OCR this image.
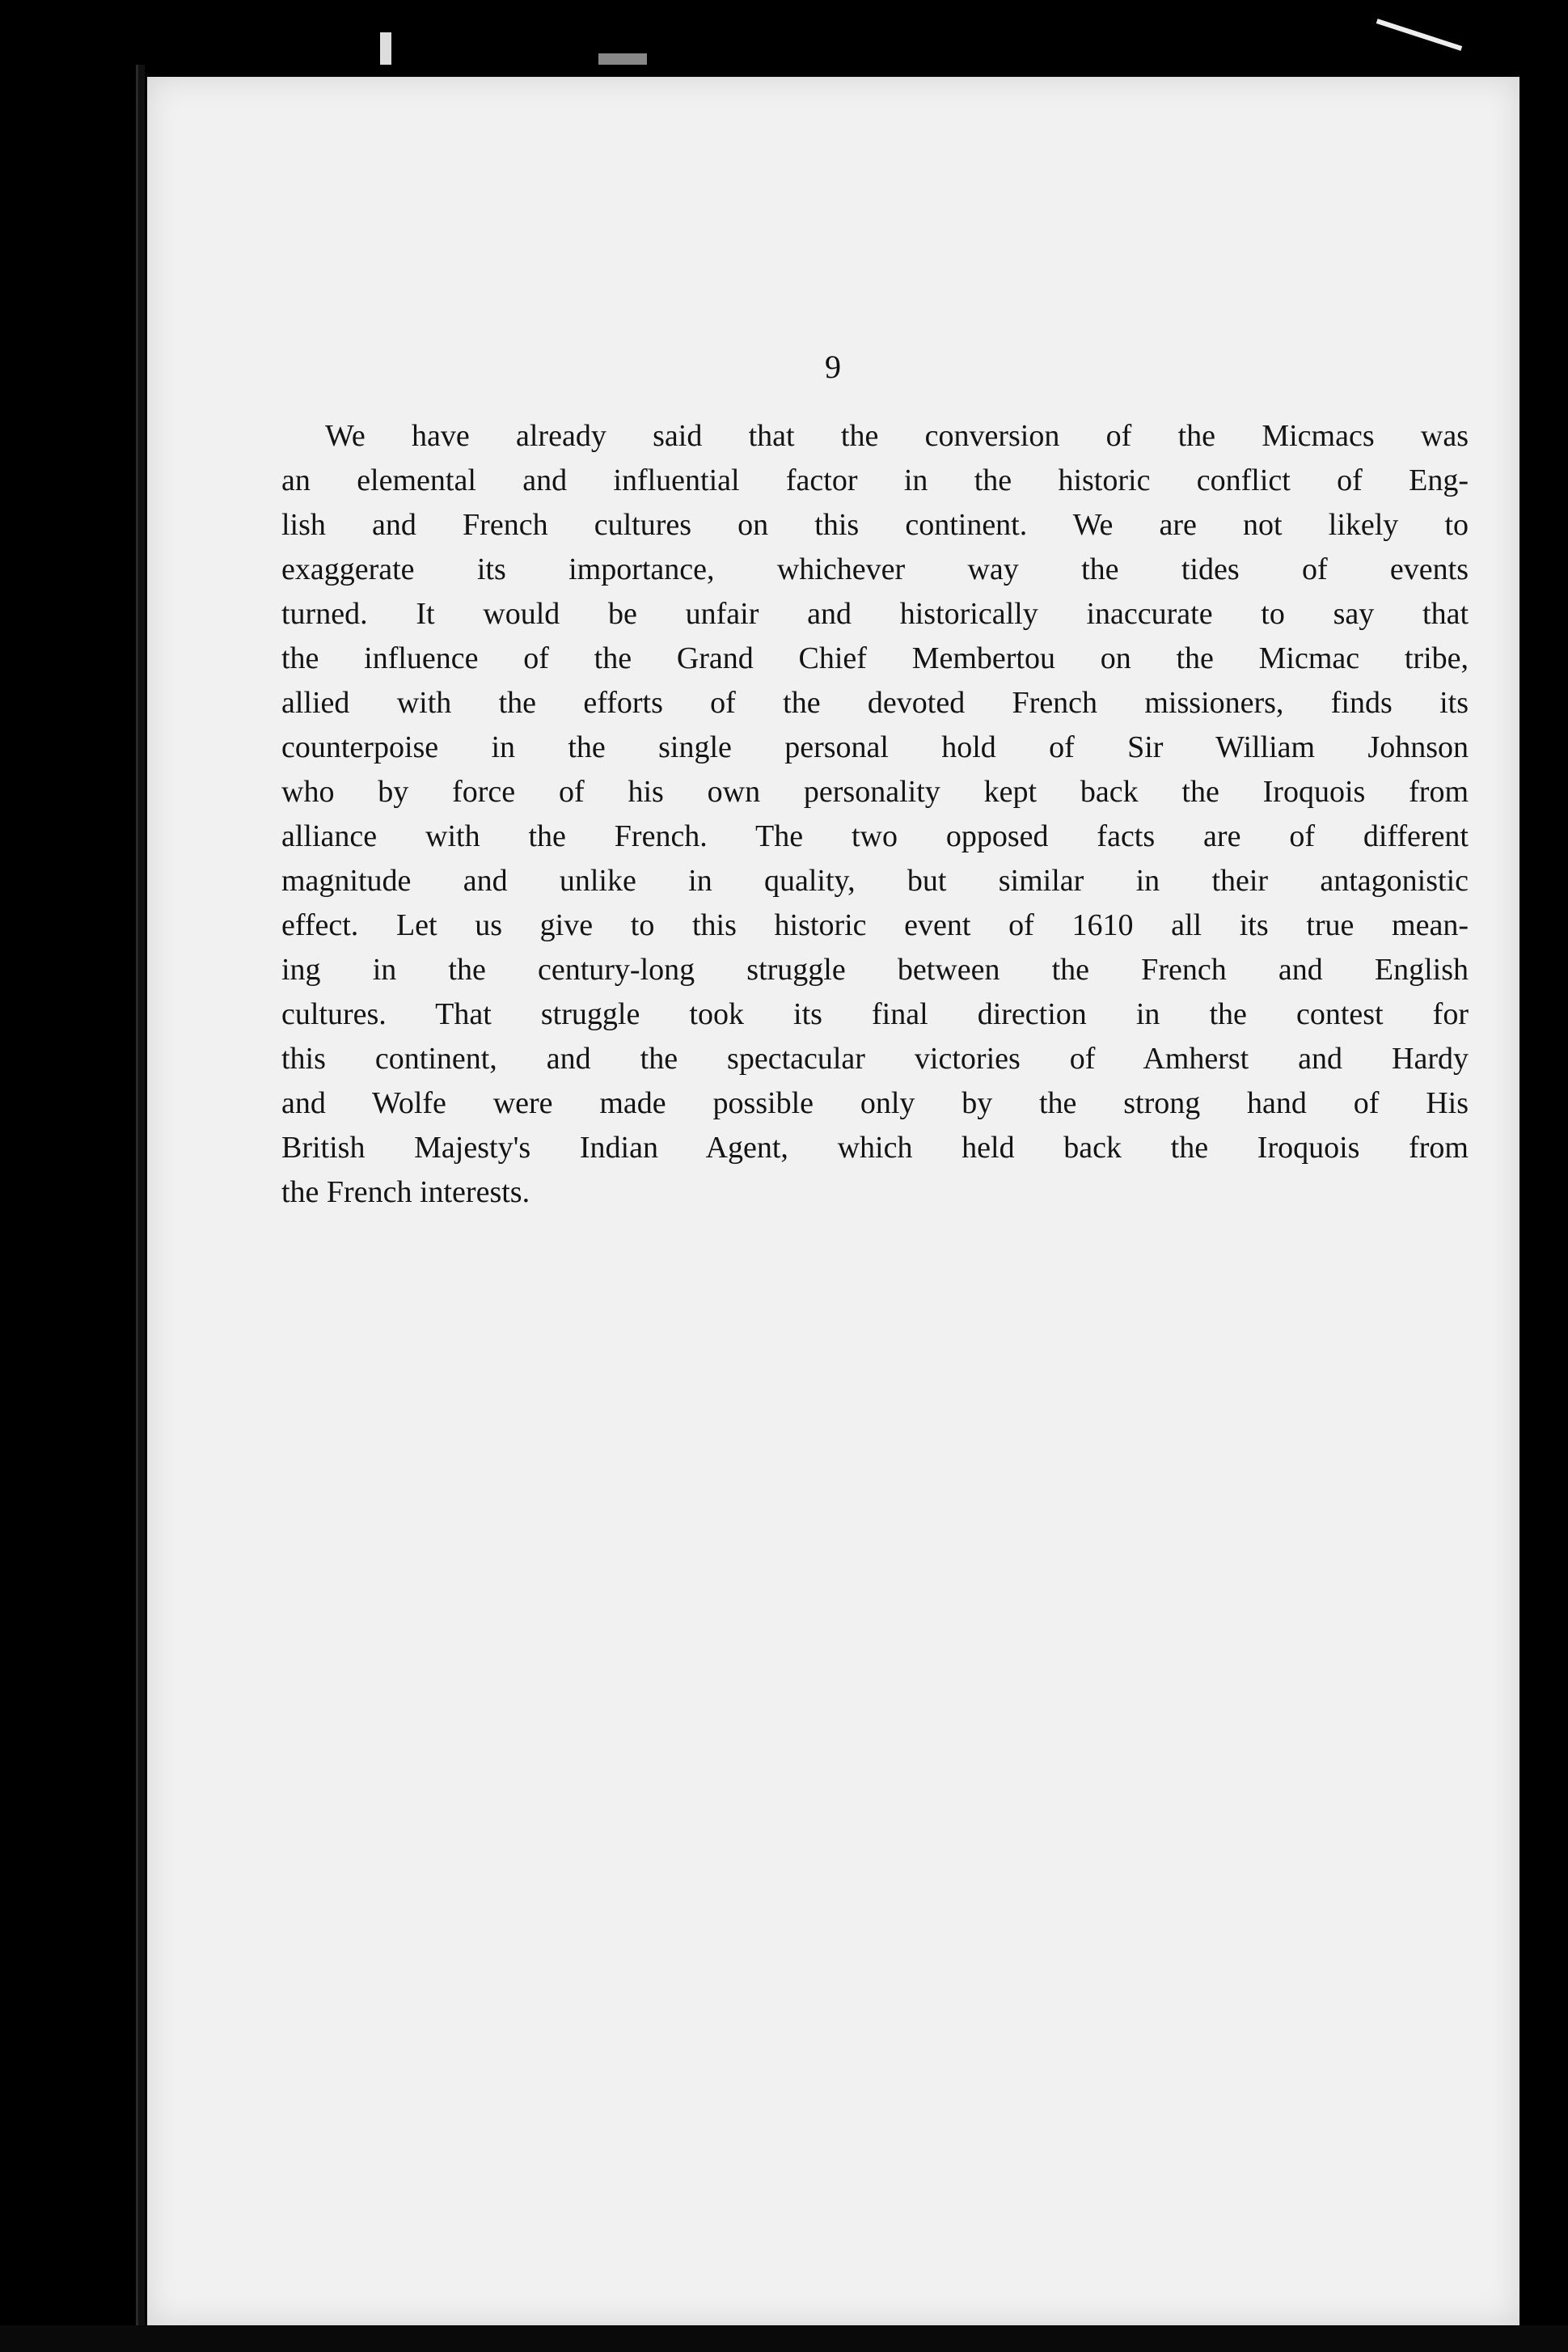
9
We have already said that the conversion of the Micmacs was
an elemental and influential factor in the historic conflict of Eng-
lish and French cultures on this continent. We are not likely to
exaggerate its importance, whichever way the tides of events
turned. It would be unfair and historically inaccurate to say that
the influence of the Grand Chief Membertou on the Micmac tribe,
allied with the efforts of the devoted French missioners, finds its
counterpoise in the single personal hold of Sir William Johnson
who by force of his own personality kept back the Iroquois from
alliance with the French. The two opposed facts are of different
magnitude and unlike in quality, but similar in their antagonistic
effect. Let us give to this historic event of 1610 all its true mean-
ing in the century-long struggle between the French and English
cultures. That struggle took its final direction in the contest for
this continent, and the spectacular victories of Amherst and Hardy
and Wolfe were made possible only by the strong hand of His
British Majesty's Indian Agent, which held back the Iroquois from
the French interests.
